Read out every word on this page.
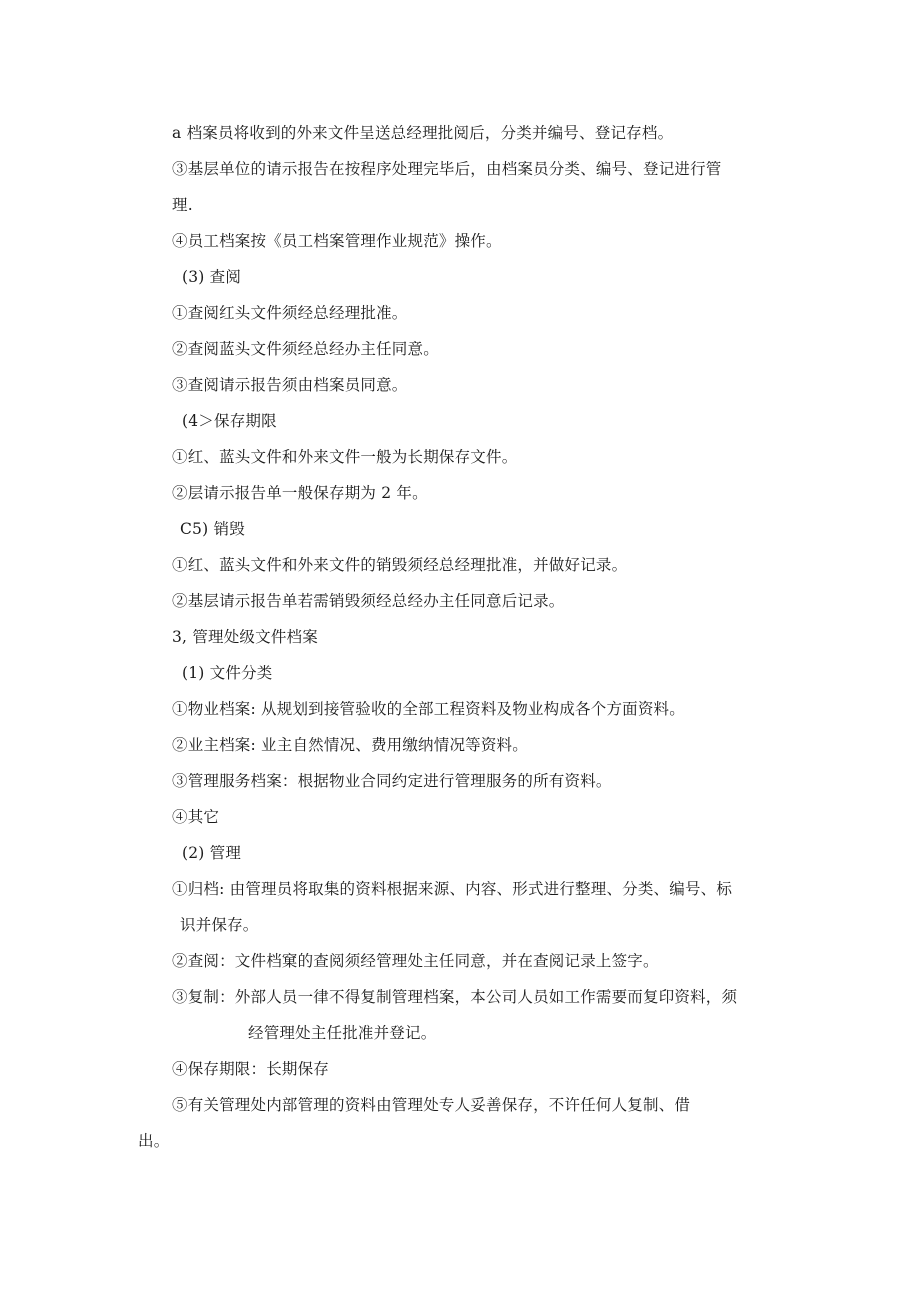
a 档案员将收到的外来文件呈送总经理批阅后，分类并编号、登记存档。
③基层单位的请示报告在按程序处理完毕后，由档案员分类、编号、登记进行管
理.
④员工档案按《员工档案管理作业规范》操作。
(3) 查阅
①查阅红头文件须经总经理批准。
②查阅蓝头文件须经总经办主任同意。
③查阅请示报告须由档案员同意。
(4＞保存期限
①红、蓝头文件和外来文件一般为长期保存文件。
②层请示报告单一般保存期为 2 年。
C5) 销毁
①红、蓝头文件和外来文件的销毁须经总经理批准，并做好记录。
②基层请示报告单若需销毁须经总经办主任同意后记录。
3, 管理处级文件档案
(1) 文件分类
①物业档案: 从规划到接管验收的全部工程资料及物业构成各个方面资料。
②业主档案: 业主自然情况、费用缴纳情况等资料。
③管理服务档案：根据物业合同约定进行管理服务的所有资料。
④其它
(2) 管理
①归档: 由管理员将取集的资料根据来源、内容、形式进行整理、分类、编号、标
识并保存。
②查阅：文件档窠的查阅须经管理处主任同意，并在查阅记录上签字。
③复制：外部人员一律不得复制管理档案，本公司人员如工作需要而复印资料，须
经管理处主任批准并登记。
④保存期限：长期保存
⑤有关管理处内部管理的资料由管理处专人妥善保存，不许任何人复制、借
出。
